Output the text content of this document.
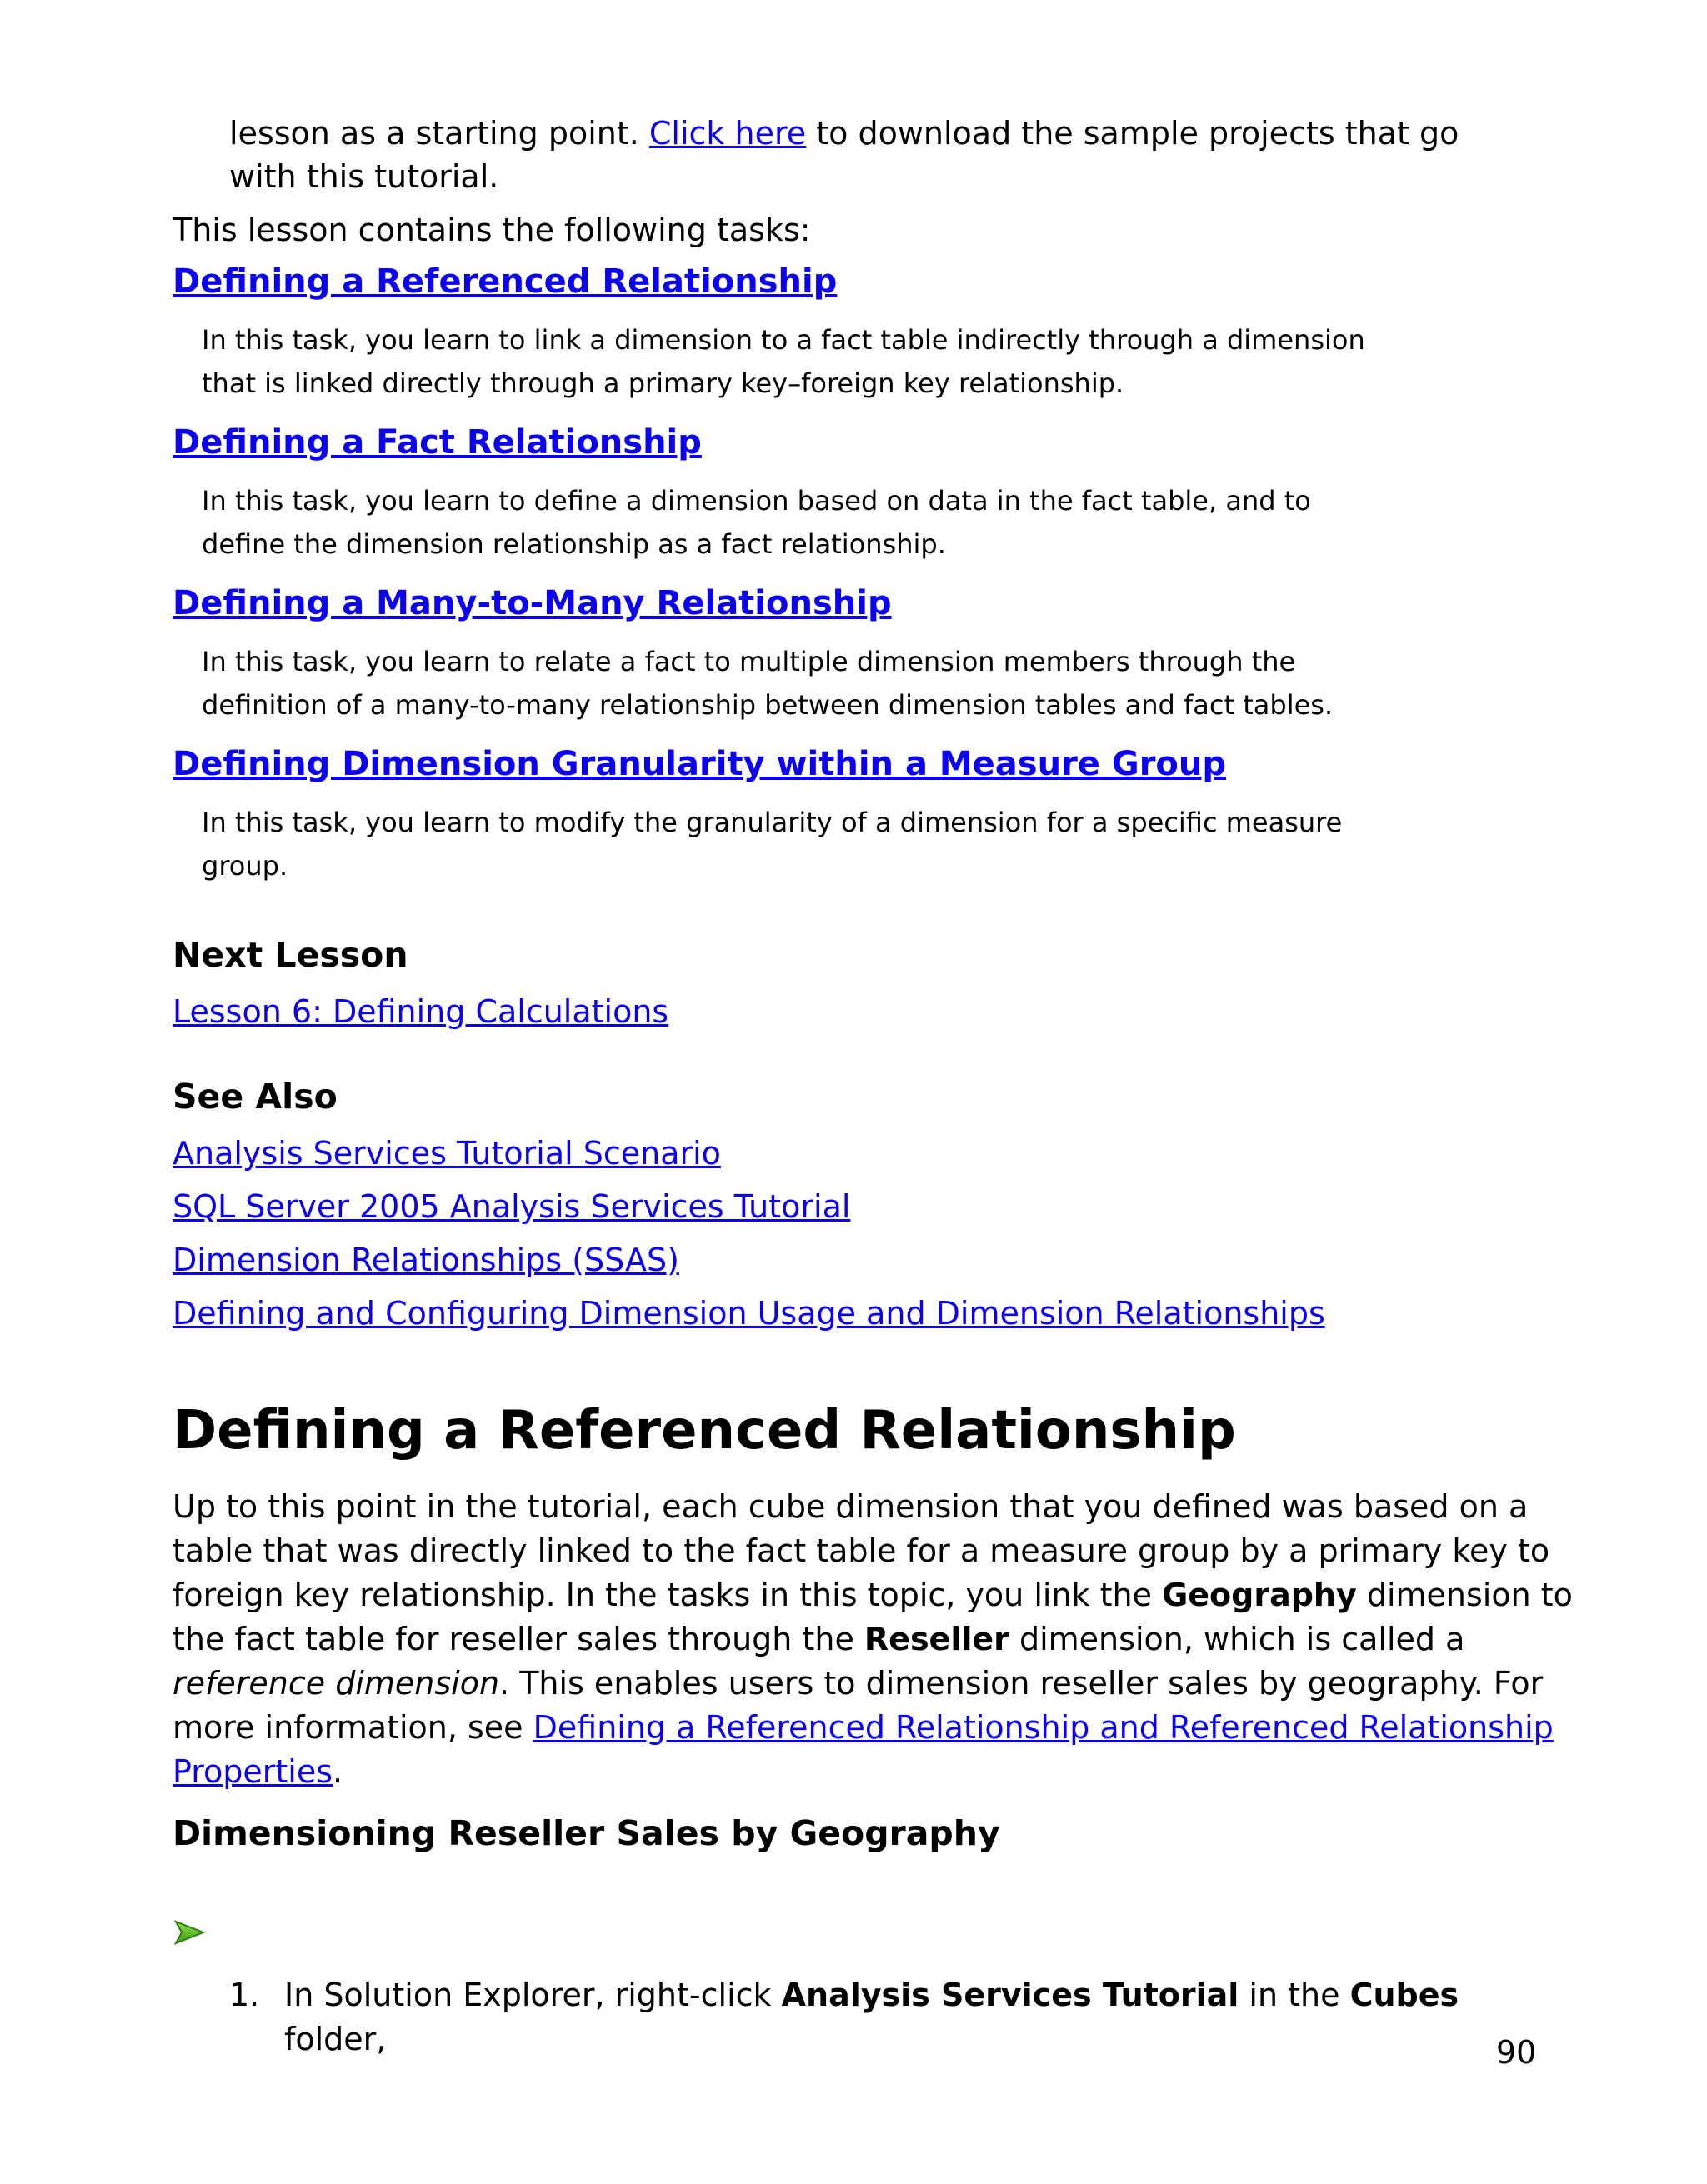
lesson as a starting point. Click here to download the sample projects that go
with this tutorial.
This lesson contains the following tasks:
Defining a Referenced Relationship
In this task, you learn to link a dimension to a fact table indirectly through a dimension that is linked directly through a primary key–foreign key relationship.
Defining a Fact Relationship
In this task, you learn to define a dimension based on data in the fact table, and to define the dimension relationship as a fact relationship.
Defining a Many-to-Many Relationship
In this task, you learn to relate a fact to multiple dimension members through the definition of a many-to-many relationship between dimension tables and fact tables.
Defining Dimension Granularity within a Measure Group
In this task, you learn to modify the granularity of a dimension for a specific measure group.
Next Lesson
Lesson 6: Defining Calculations
See Also
Analysis Services Tutorial Scenario
SQL Server 2005 Analysis Services Tutorial
Dimension Relationships (SSAS)
Defining and Configuring Dimension Usage and Dimension Relationships
Defining a Referenced Relationship
Up to this point in the tutorial, each cube dimension that you defined was based on a table that was directly linked to the fact table for a measure group by a primary key to foreign key relationship. In the tasks in this topic, you link the Geography dimension to the fact table for reseller sales through the Reseller dimension, which is called a reference dimension. This enables users to dimension reseller sales by geography. For more information, see Defining a Referenced Relationship and Referenced Relationship Properties.
Dimensioning Reseller Sales by Geography
1. In Solution Explorer, right-click Analysis Services Tutorial in the Cubes folder,	90
